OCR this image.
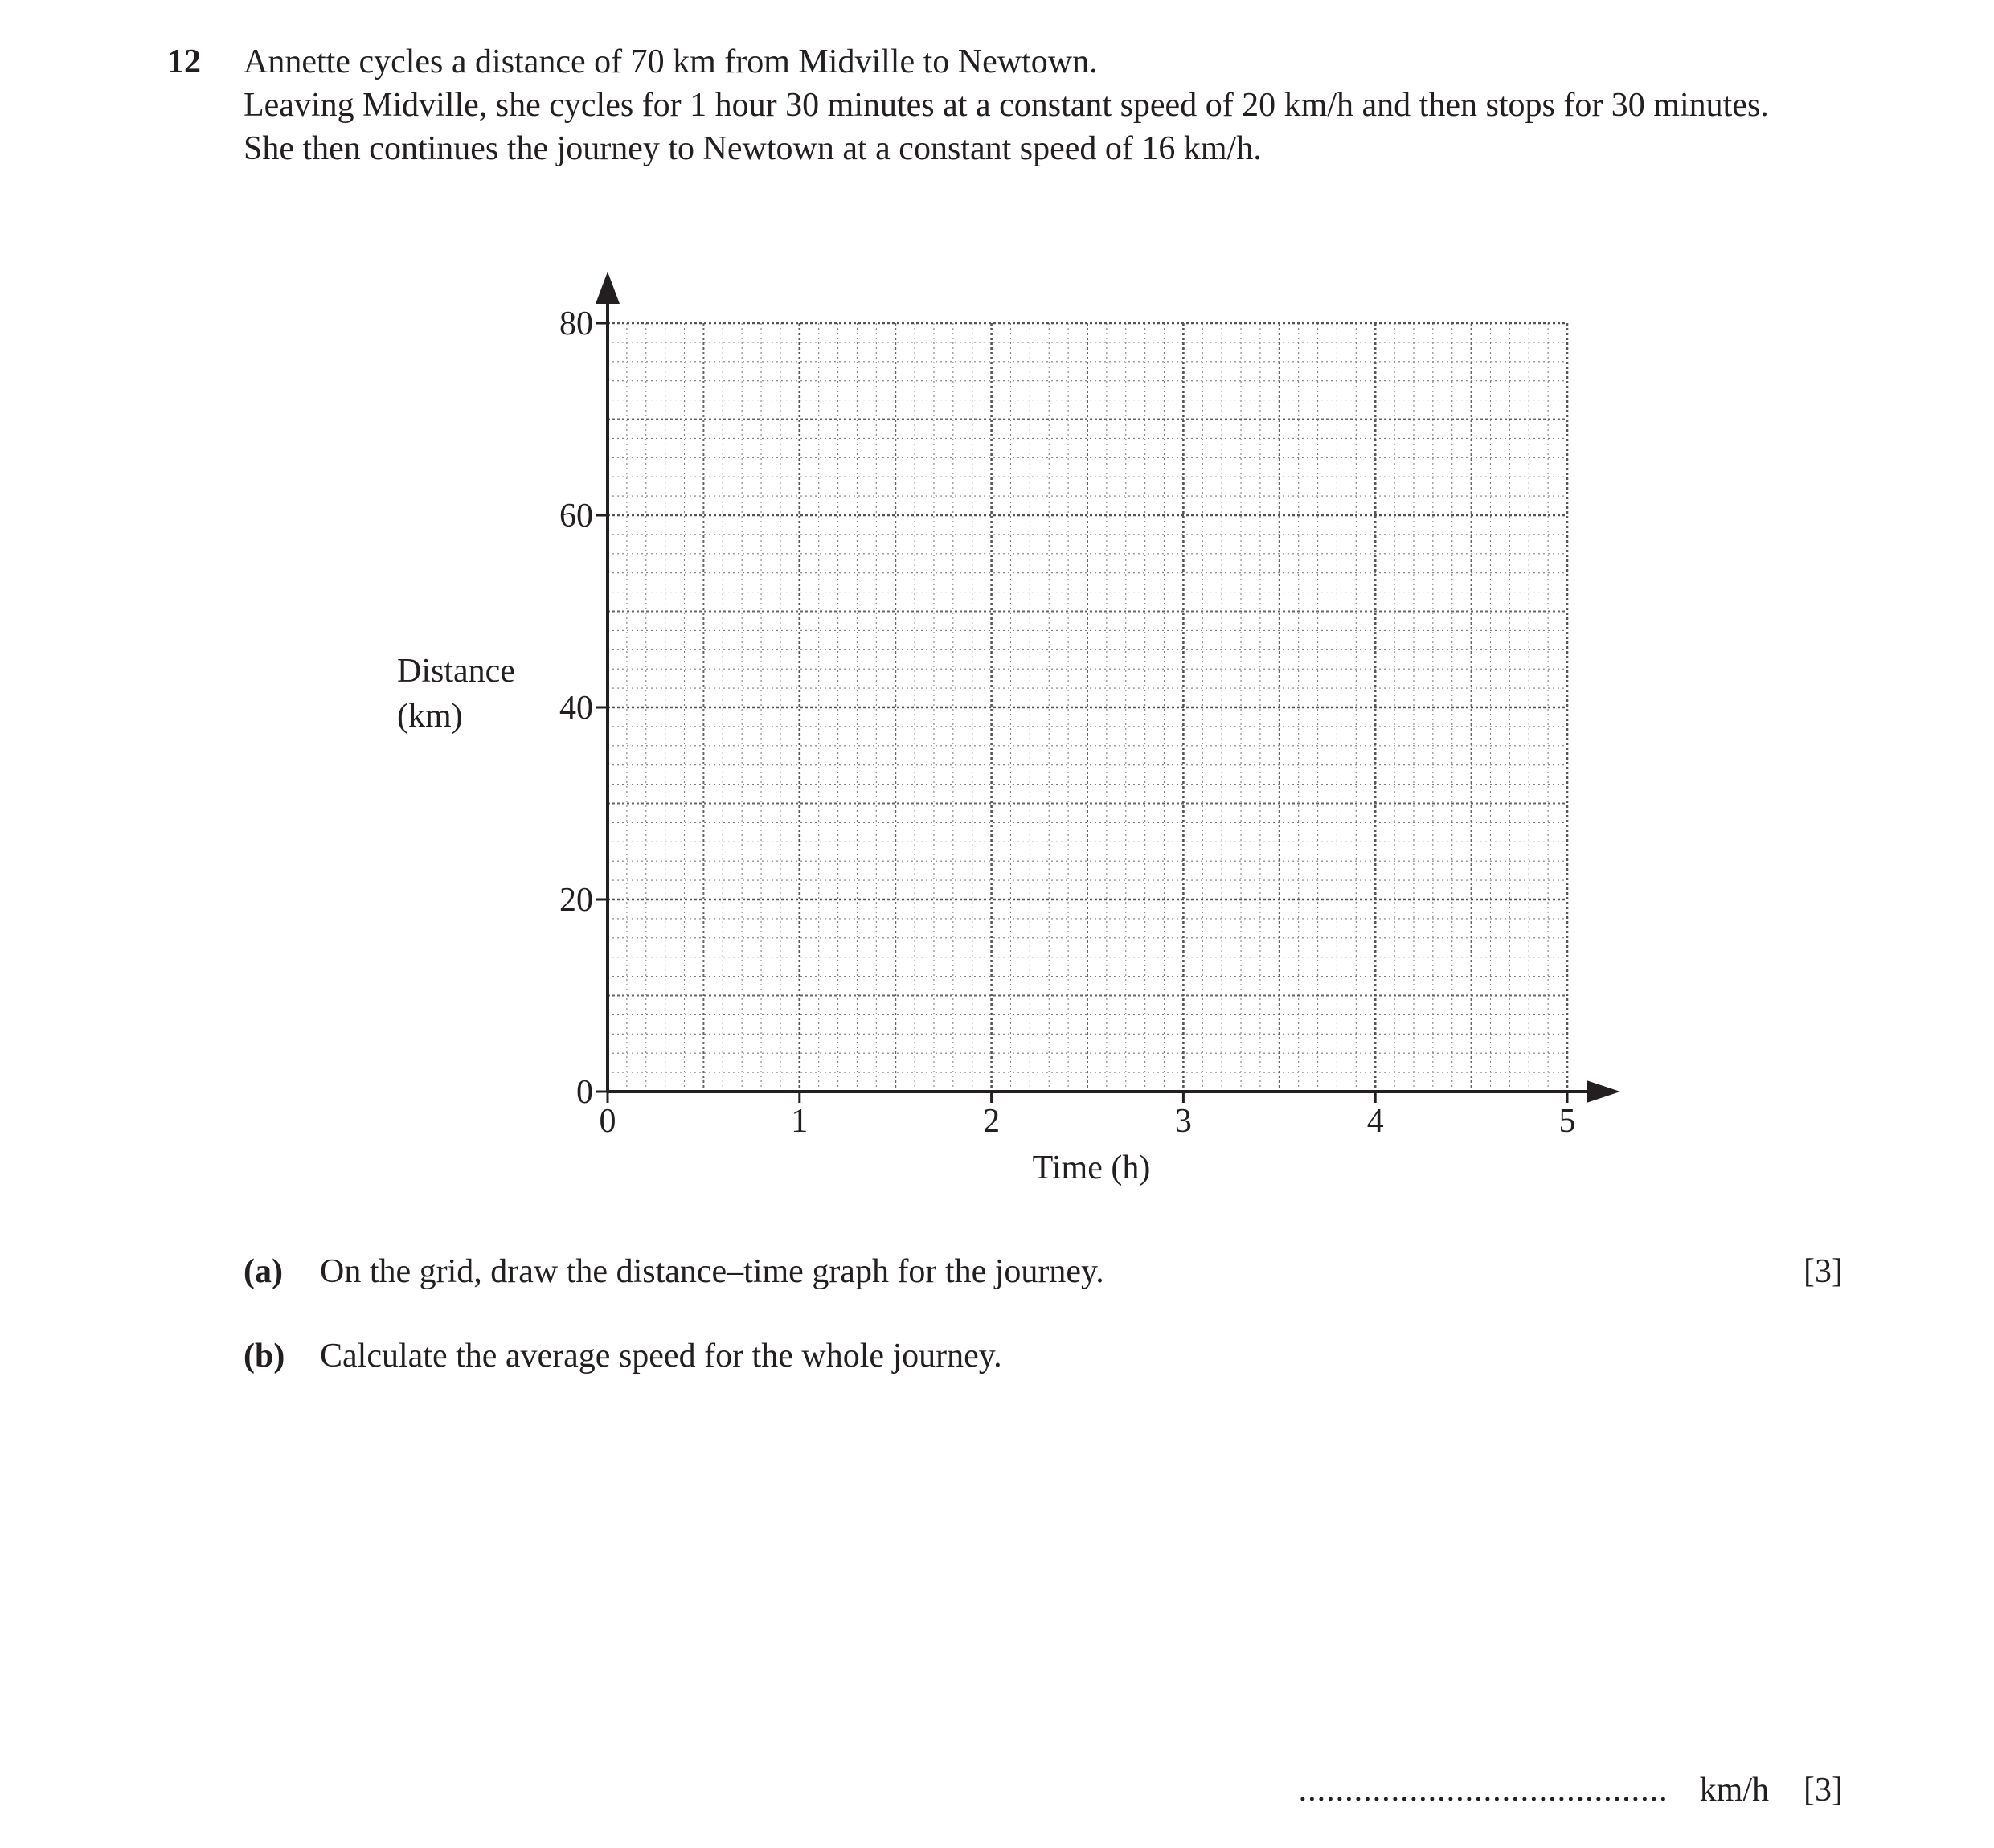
12 Annette cycles a distance of 70 km from Midville to Newtown.

Leaving Midville, she cycles for 1 hour 30 minutes at a constant speed of 20 km/h and then stops for 30 minutes.

She then continues the journey to Newtown at a constant speed of 16 km/h.

0
20
40
60
80
0	1	2	3	4	5
Time (h)
Distance
(km)
(a) On the grid, draw the distance–time graph for the journey.	[3]
(b) Calculate the average speed for the whole journey.
........................................ km/h [3]
